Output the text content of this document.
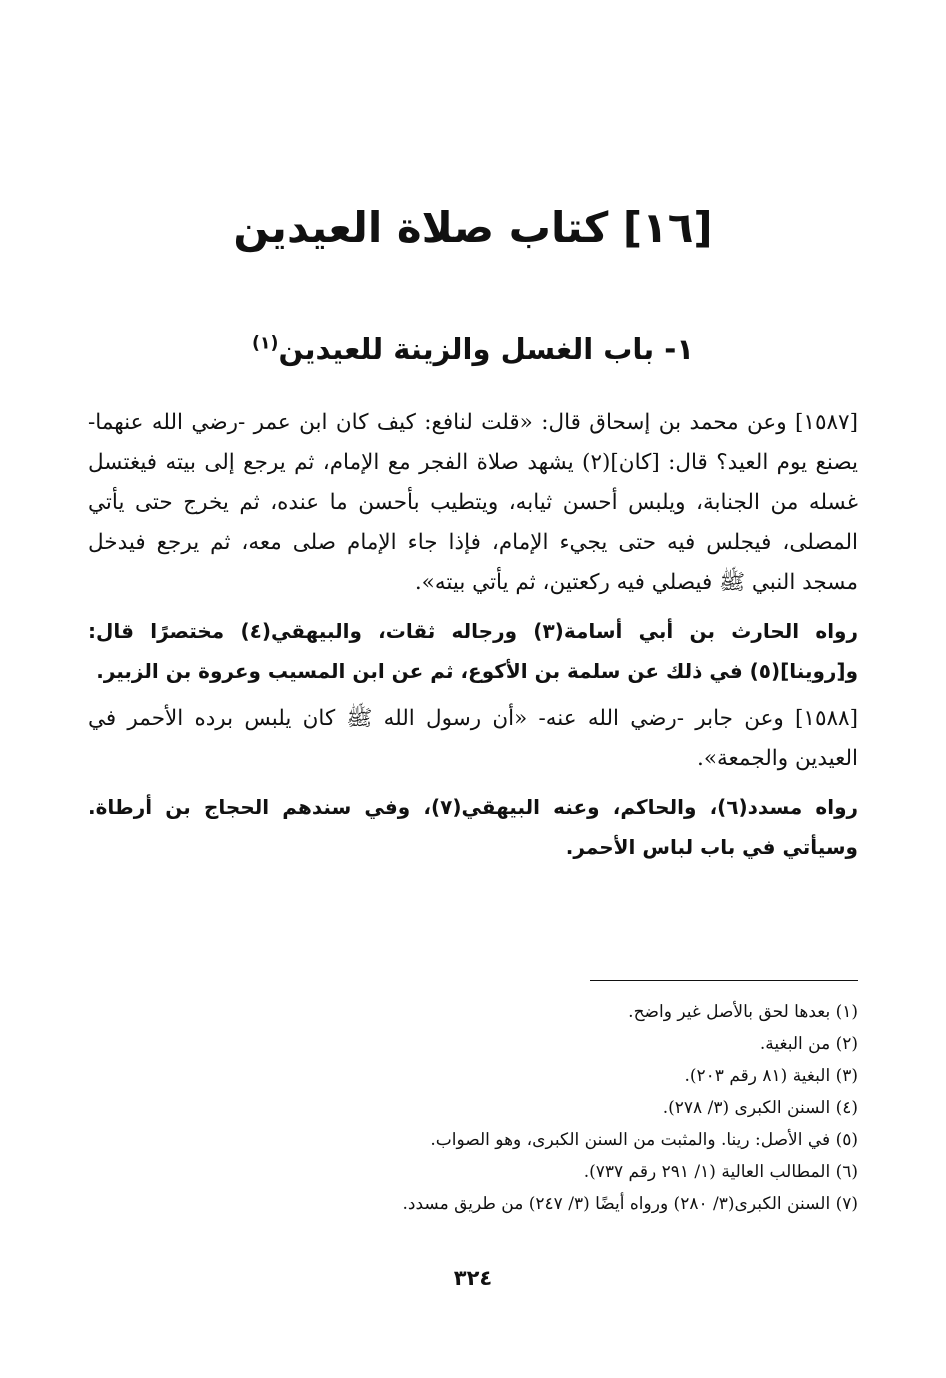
[١٦] كتاب صلاة العيدين
١- باب الغسل والزينة للعيدين$^{(١)}$

[١٥٨٧] وعن محمد بن إسحاق قال: «قلت لنافع: كيف كان ابن عمر -رضي الله عنهما- يصنع يوم العيد؟ قال: [كان](٢) يشهد صلاة الفجر مع الإمام، ثم يرجع إلى بيته فيغتسل غسله من الجنابة، ويلبس أحسن ثيابه، ويتطيب بأحسن ما عنده، ثم يخرج حتى يأتي المصلى، فيجلس فيه حتى يجيء الإمام، فإذا جاء الإمام صلى معه، ثم يرجع فيدخل مسجد النبي ﷺ فيصلي فيه ركعتين، ثم يأتي بيته».

رواه الحارث بن أبي أسامة(٣) ورجاله ثقات، والبيهقي(٤) مختصرًا قال: و[روينا](٥) في ذلك عن سلمة بن الأكوع، ثم عن ابن المسيب وعروة بن الزبير.

[١٥٨٨] وعن جابر -رضي الله عنه- «أن رسول الله ﷺ كان يلبس برده الأحمر في العيدين والجمعة».

رواه مسدد(٦)، والحاكم، وعنه البيهقي(٧)، وفي سندهم الحجاج بن أرطاة. وسيأتي في باب لباس الأحمر.

(١) بعدها لحق بالأصل غير واضح.
(٢) من البغية.
(٣) البغية (٨١ رقم ٢٠٣).
(٤) السنن الكبرى (٣/ ٢٧٨).
(٥) في الأصل: رينا. والمثبت من السنن الكبرى، وهو الصواب.
(٦) المطالب العالية (١/ ٢٩١ رقم ٧٣٧).
(٧) السنن الكبرى(٣/ ٢٨٠) ورواه أيضًا (٣/ ٢٤٧) من طريق مسدد.
٣٢٤
